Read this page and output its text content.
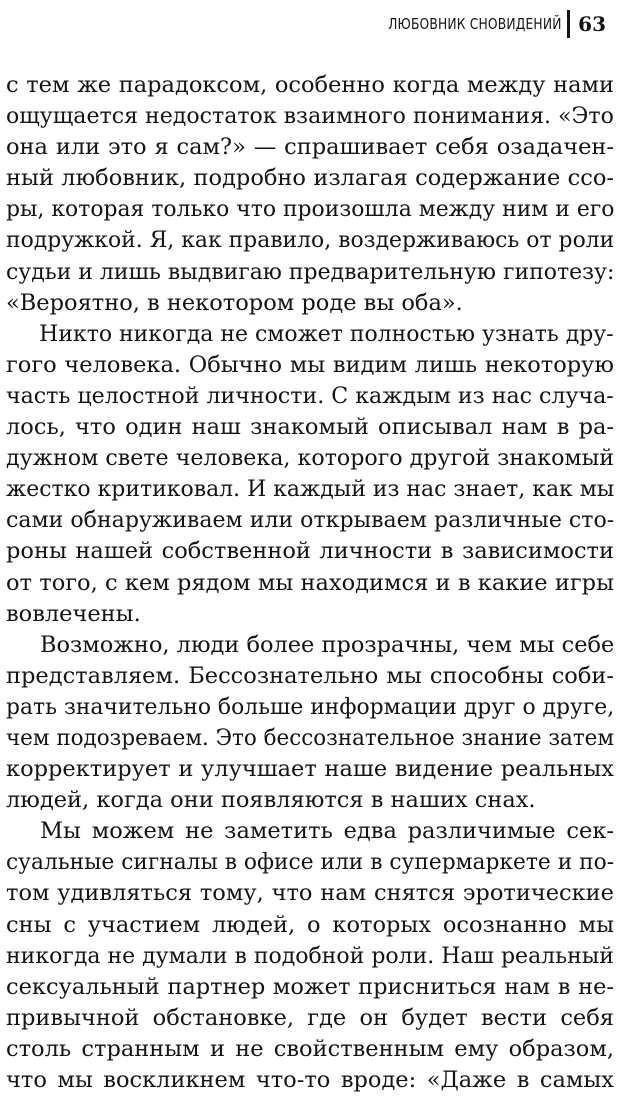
ЛЮБОВНИК СНОВИДЕНИЙ 63
с тем же парадоксом, особенно когда между нами
ощущается недостаток взаимного понимания. «Это
она или это я сам?» — спрашивает себя озадачен-
ный любовник, подробно излагая содержание ссо-
ры, которая только что произошла между ним и его
подружкой. Я, как правило, воздерживаюсь от роли
судьи и лишь выдвигаю предварительную гипотезу:
«Вероятно, в некотором роде вы оба».
Никто никогда не сможет полностью узнать дру-
гого человека. Обычно мы видим лишь некоторую
часть целостной личности. С каждым из нас случа-
лось, что один наш знакомый описывал нам в ра-
дужном свете человека, которого другой знакомый
жестко критиковал. И каждый из нас знает, как мы
сами обнаруживаем или открываем различные сто-
роны нашей собственной личности в зависимости
от того, с кем рядом мы находимся и в какие игры
вовлечены.
Возможно, люди более прозрачны, чем мы себе
представляем. Бессознательно мы способны соби-
рать значительно больше информации друг о друге,
чем подозреваем. Это бессознательное знание затем
корректирует и улучшает наше видение реальных
людей, когда они появляются в наших снах.
Мы можем не заметить едва различимые сек-
суальные сигналы в офисе или в супермаркете и по-
том удивляться тому, что нам снятся эротические
сны с участием людей, о которых осознанно мы
никогда не думали в подобной роли. Наш реальный
сексуальный партнер может присниться нам в не-
привычной обстановке, где он будет вести себя
столь странным и не свойственным ему образом,
что мы воскликнем что-то вроде: «Даже в самых
